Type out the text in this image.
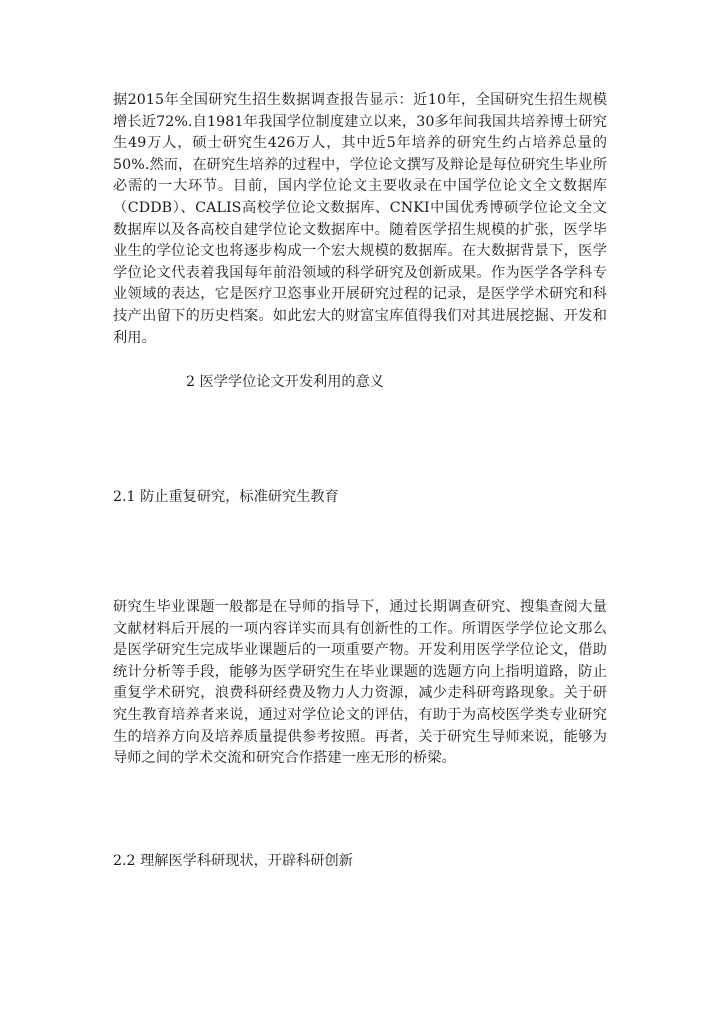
据2015年全国研究生招生数据调查报告显示：近10年，全国研究生招生规模增长近72%.自1981年我国学位制度建立以来，30多年间我国共培养博士研究生49万人，硕士研究生426万人，其中近5年培养的研究生约占培养总量的50%.然而，在研究生培养的过程中，学位论文撰写及辩论是每位研究生毕业所必需的一大环节。目前，国内学位论文主要收录在中国学位论文全文数据库（CDDB）、CALIS高校学位论文数据库、CNKI中国优秀博硕学位论文全文数据库以及各高校自建学位论文数据库中。随着医学招生规模的扩张，医学毕业生的学位论文也将逐步构成一个宏大规模的数据库。在大数据背景下，医学学位论文代表着我国每年前沿领域的科学研究及创新成果。作为医学各学科专业领域的表达，它是医疗卫恣事业开展研究过程的记录，是医学学术研究和科技产出留下的历史档案。如此宏大的财富宝库值得我们对其进展挖掘、开发和利用。

2 医学学位论文开发利用的意义
2.1 防止重复研究，标准研究生教育

研究生毕业课题一般都是在导师的指导下，通过长期调查研究、搜集查阅大量文献材料后开展的一项内容详实而具有创新性的工作。所谓医学学位论文那么是医学研究生完成毕业课题后的一项重要产物。开发利用医学学位论文，借助统计分析等手段，能够为医学研究生在毕业课题的选题方向上指明道路，防止重复学术研究，浪费科研经费及物力人力资源，减少走科研弯路现象。关于研究生教育培养者来说，通过对学位论文的评估，有助于为高校医学类专业研究生的培养方向及培养质量提供参考按照。再者，关于研究生导师来说，能够为导师之间的学术交流和研究合作搭建一座无形的桥梁。

2.2 理解医学科研现状，开辟科研创新
